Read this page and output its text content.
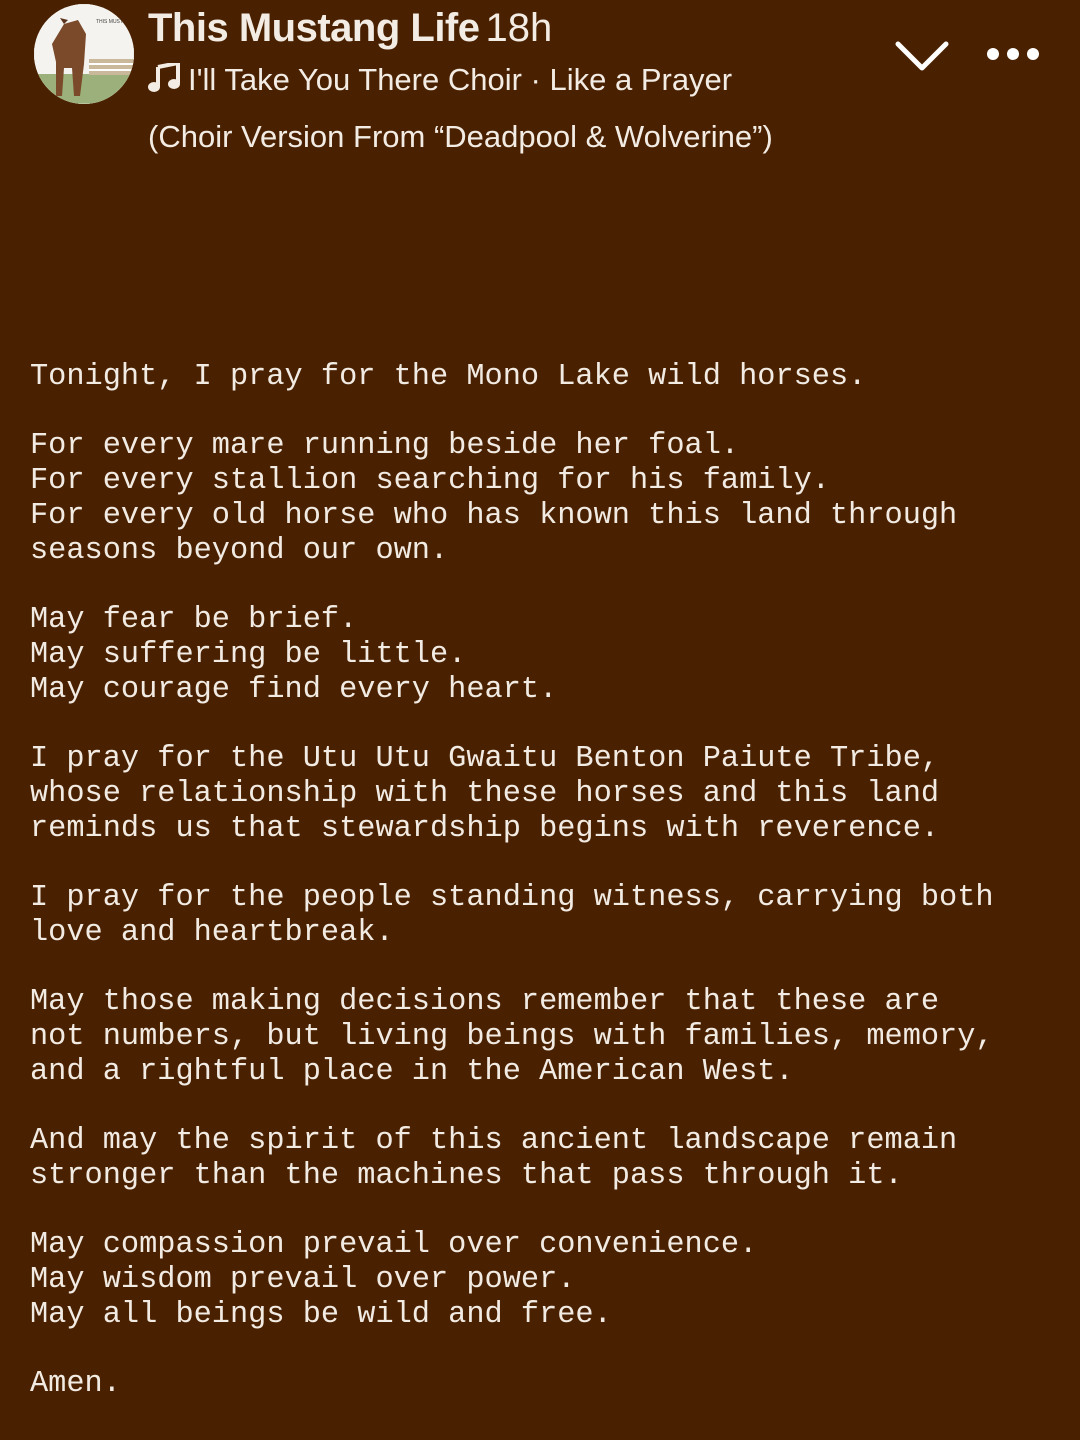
THIS MUSTANG This Mustang Life 18h
I'll Take You There Choir · Like a Prayer
(Choir Version From “Deadpool & Wolverine”)
Tonight, I pray for the Mono Lake wild horses.
For every mare running beside her foal.
For every stallion searching for his family.
For every old horse who has known this land through
seasons beyond our own.
May fear be brief.
May suffering be little.
May courage find every heart.
I pray for the Utu Utu Gwaitu Benton Paiute Tribe,
whose relationship with these horses and this land
reminds us that stewardship begins with reverence.
I pray for the people standing witness, carrying both
love and heartbreak.
May those making decisions remember that these are
not numbers, but living beings with families, memory,
and a rightful place in the American West.
And may the spirit of this ancient landscape remain
stronger than the machines that pass through it.
May compassion prevail over convenience.
May wisdom prevail over power.
May all beings be wild and free.
Amen.
